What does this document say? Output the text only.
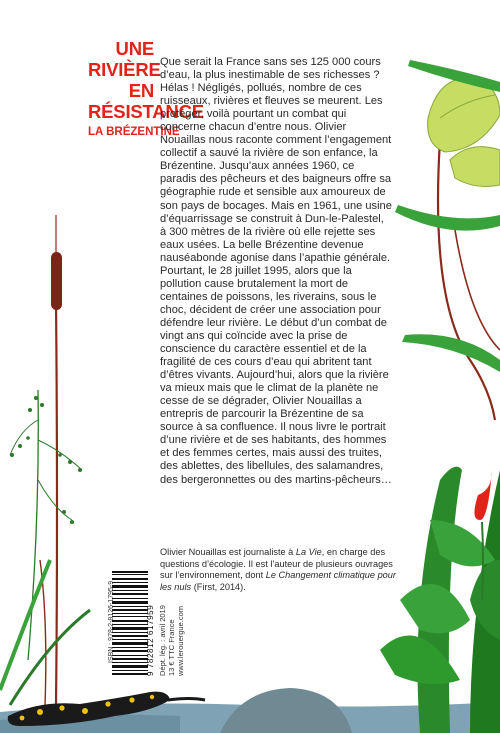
UNE
RIVIÈRE
EN
RÉSISTANCE
LA BRÉZENTINE

Que serait la France sans ses 125 000 cours d’eau, la plus inestimable de ses richesses ? Hélas ! Négligés, pollués, nombre de ces ruisseaux, rivières et fleuves se meurent. Les protéger, voilà pourtant un combat qui concerne chacun d’entre nous. Olivier Nouaillas nous raconte comment l’engagement collectif a sauvé la rivière de son enfance, la Brézentine. Jusqu’aux années 1960, ce paradis des pêcheurs et des baigneurs offre sa géographie rude et sensible aux amoureux de son pays de bocages. Mais en 1961, une usine d’équarrissage se construit à Dun-le-Palestel, à 300 mètres de la rivière où elle rejette ses eaux usées. La belle Brézentine devenue nauséabonde agonise dans l’apathie générale. Pourtant, le 28 juillet 1995, alors que la pollution cause brutalement la mort de centaines de poissons, les riverains, sous le choc, décident de créer une association pour défendre leur rivière. Le début d’un combat de vingt ans qui coïncide avec la prise de conscience du caractère essentiel et de la fragilité de ces cours d’eau qui abritent tant d’êtres vivants. Aujourd’hui, alors que la rivière va mieux mais que le climat de la planète ne cesse de se dégrader, Olivier Nouaillas a entrepris de parcourir la Brézentine de sa source à sa confluence. Il nous livre le portrait d’une rivière et de ses habitants, des hommes et des femmes certes, mais aussi des truites, des ablettes, des libellules, des salamandres, des bergeronnettes ou des martins-pêcheurs…

Olivier Nouaillas est journaliste à La Vie, en charge des questions d’écologie. Il est l’auteur de plusieurs ouvrages sur l’environnement, dont Le Changement climatique pour les nuls (First, 2014).
ISBN : 978-2-8126-1795-9	9 782812 617959 Dépt. lég. : avril 2019 13 € TTC France www.lerouergue.com
